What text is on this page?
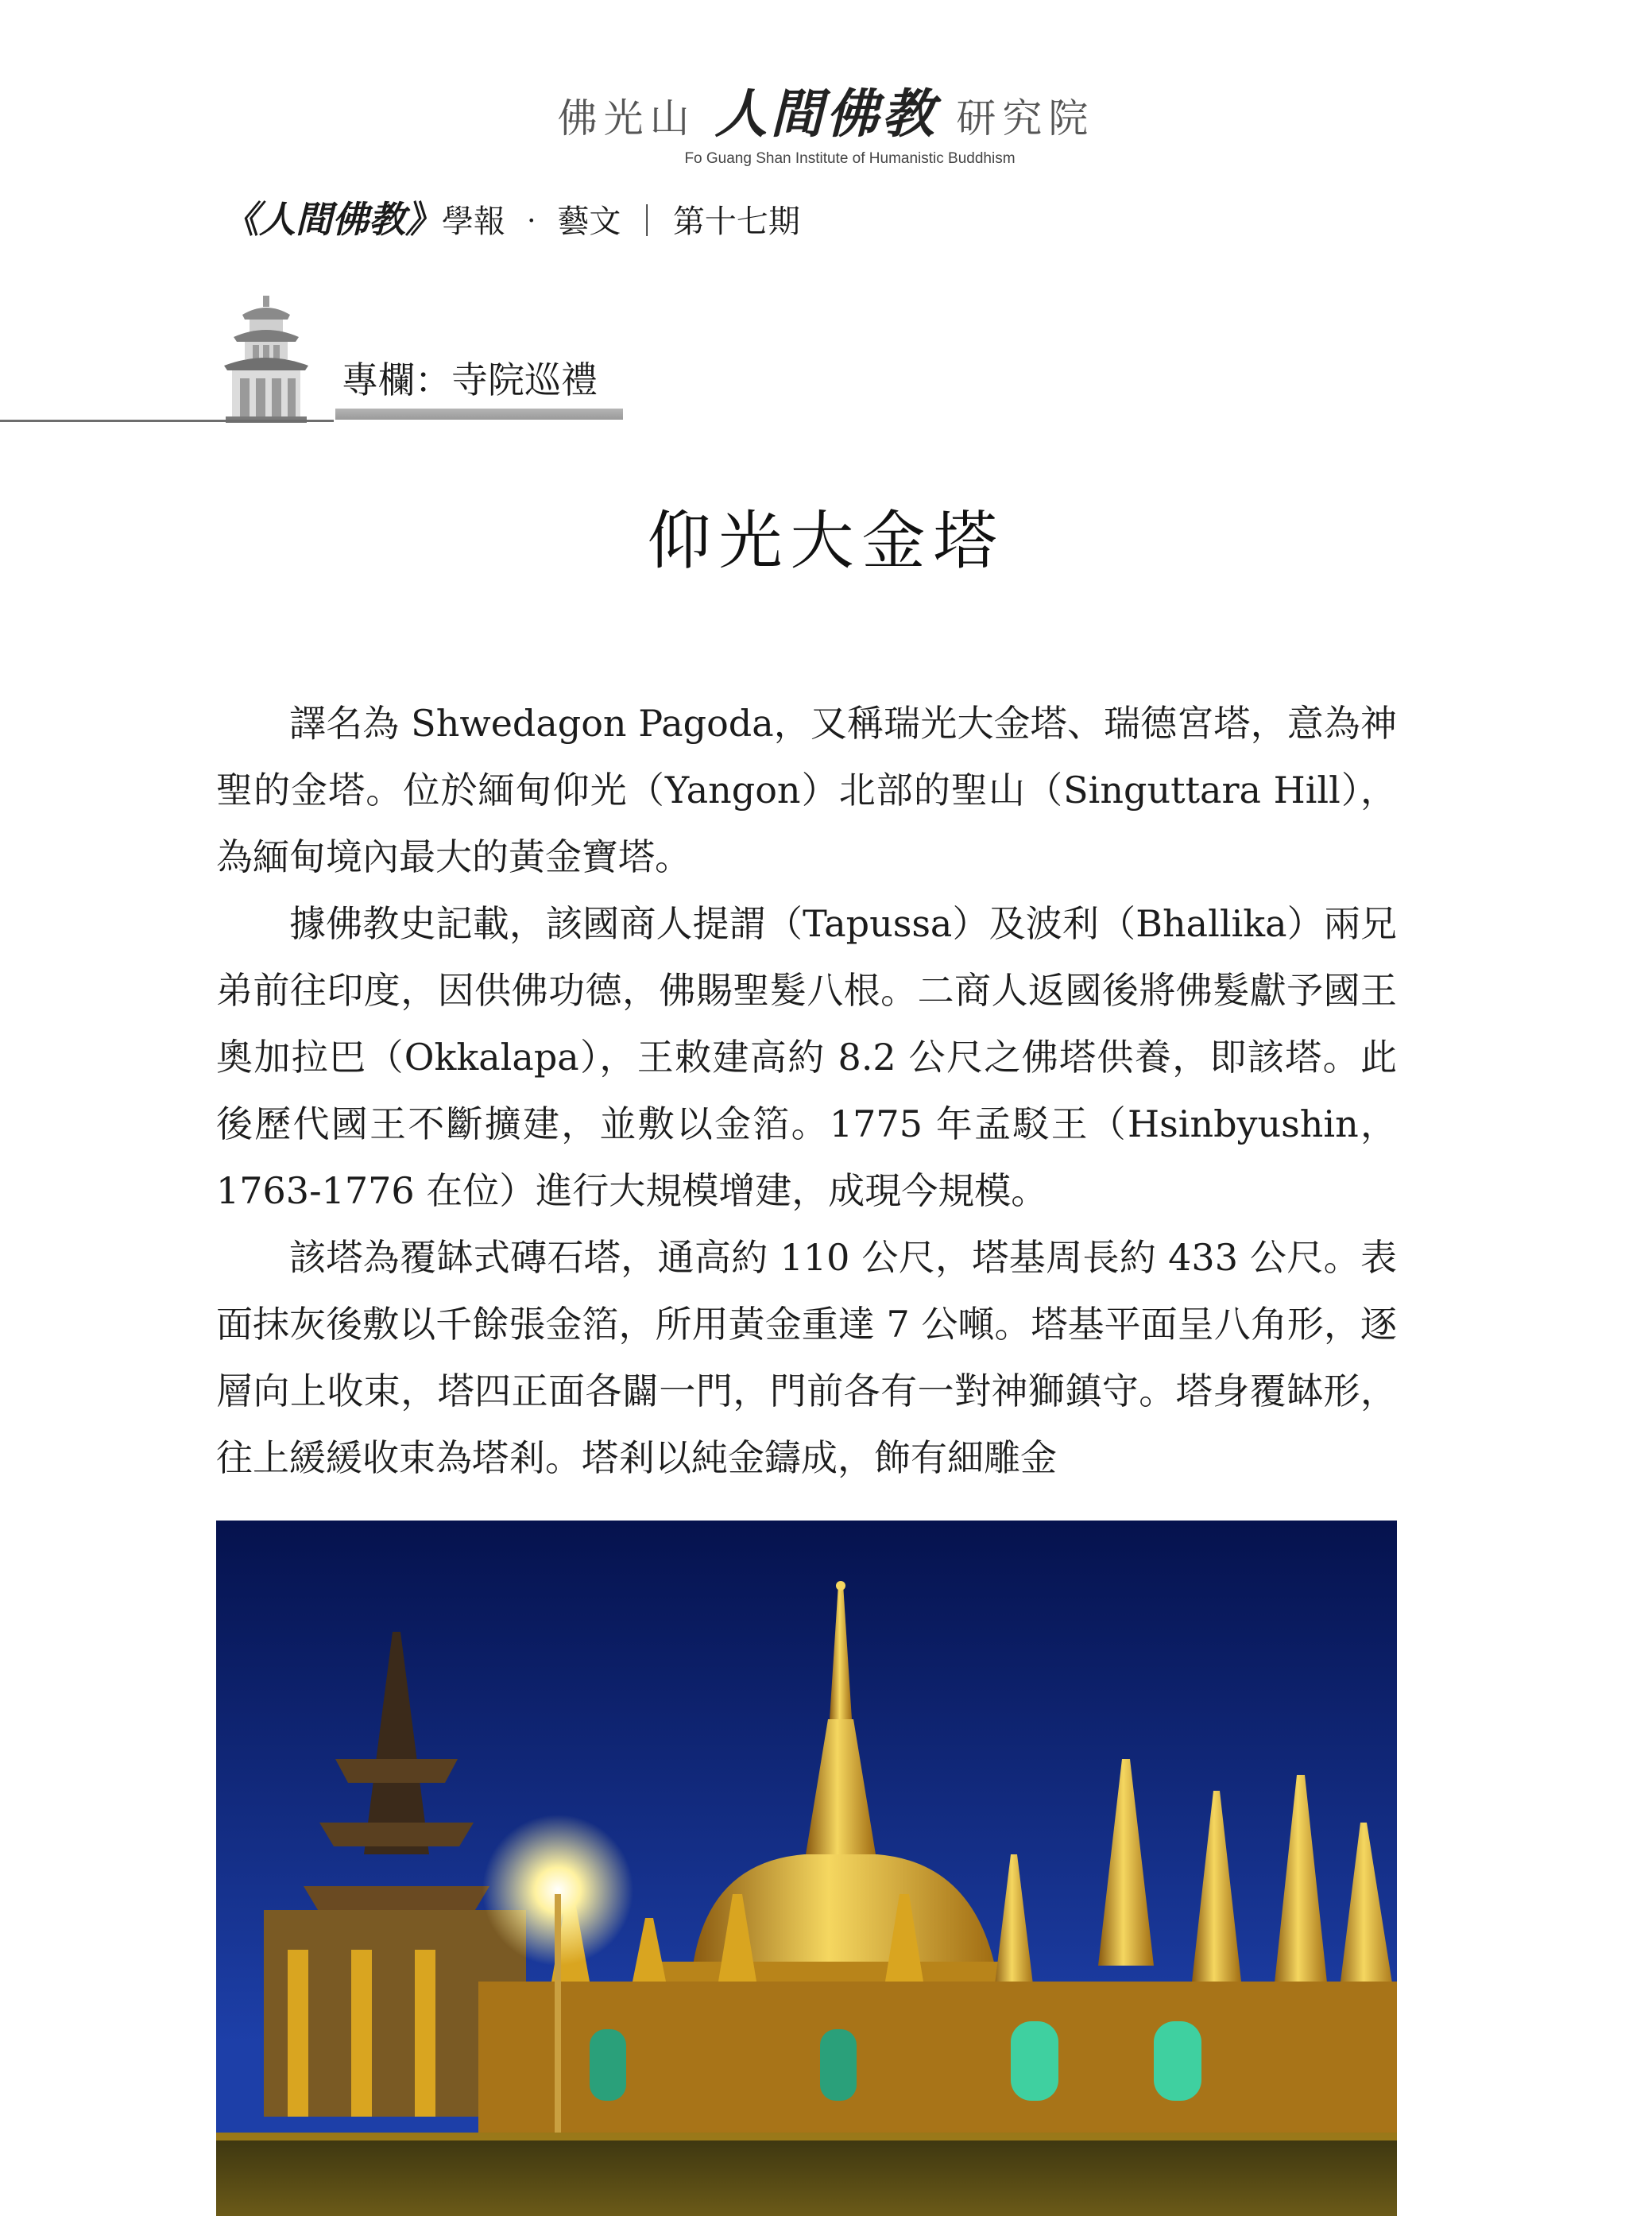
佛光山 人間佛教 研究院
Fo Guang Shan Institute of Humanistic Buddhism
《人間佛教》學報 ‧ 藝文 ｜ 第十七期
專欄：寺院巡禮
仰光大金塔

譯名為 Shwedagon Pagoda，又稱瑞光大金塔、瑞德宮塔，意為神聖的金塔。位於緬甸仰光（Yangon）北部的聖山（Singuttara Hill），為緬甸境內最大的黃金寶塔。

據佛教史記載，該國商人提謂（Tapussa）及波利（Bhallika）兩兄弟前往印度，因供佛功德，佛賜聖髮八根。二商人返國後將佛髮獻予國王奧加拉巴（Okkalapa），王敕建高約 8.2 公尺之佛塔供養，即該塔。此後歷代國王不斷擴建，並敷以金箔。1775 年孟駁王（Hsinbyushin，1763-1776 在位）進行大規模增建，成現今規模。

該塔為覆缽式磚石塔，通高約 110 公尺，塔基周長約 433 公尺。表面抹灰後敷以千餘張金箔，所用黃金重達 7 公噸。塔基平面呈八角形，逐層向上收束，塔四正面各闢一門，門前各有一對神獅鎮守。塔身覆缽形，往上緩緩收束為塔剎。塔剎以純金鑄成，飾有細雕金
